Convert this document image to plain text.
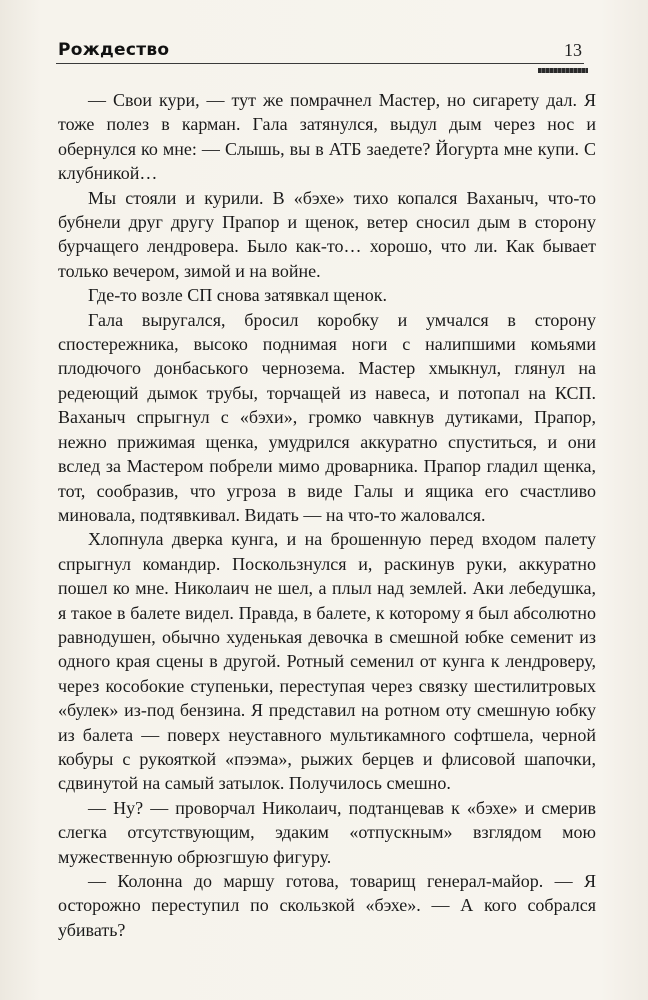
Рождество	13

— Свои кури, — тут же помрачнел Мастер, но сигарету дал. Я тоже полез в карман. Гала затянулся, выдул дым через нос и обернулся ко мне: — Слышь, вы в АТБ заедете? Йогурта мне купи. С клубникой…

Мы стояли и курили. В «бэхе» тихо копался Ваханыч, что-то бубнели друг другу Прапор и щенок, ветер сносил дым в сторону бурчащего лендровера. Было как-то… хорошо, что ли. Как бывает только вечером, зимой и на войне.

Где-то возле СП снова затявкал щенок.

Гала выругался, бросил коробку и умчался в сторону спостережника, высоко поднимая ноги с налипшими комьями плодючого донбаського чернозема. Мастер хмыкнул, глянул на редеющий дымок трубы, торчащей из навеса, и потопал на КСП. Ваханыч спрыгнул с «бэхи», громко чавкнув дутиками, Прапор, нежно прижимая щенка, умудрился аккуратно спуститься, и они вслед за Мастером побрели мимо дроварника. Прапор гладил щенка, тот, сообразив, что угроза в виде Галы и ящика его счастливо миновала, подтявкивал. Видать — на что-то жаловался.

Хлопнула дверка кунга, и на брошенную перед входом палету спрыгнул командир. Поскользнулся и, раскинув руки, аккуратно пошел ко мне. Николаич не шел, а плыл над землей. Аки лебедушка, я такое в балете видел. Правда, в балете, к которому я был абсолютно равнодушен, обычно худенькая девочка в смешной юбке семенит из одного края сцены в другой. Ротный семенил от кунга к лендроверу, через кособокие ступеньки, переступая через связку шестилитровых «булек» из-под бензина. Я представил на ротном оту смешную юбку из балета — поверх неуставного мультикамного софтшела, черной кобуры с рукояткой «пээма», рыжих берцев и флисовой шапочки, сдвинутой на самый затылок. Получилось смешно.

— Ну? — проворчал Николаич, подтанцевав к «бэхе» и смерив слегка отсутствующим, эдаким «отпускным» взглядом мою мужественную обрюзгшую фигуру.

— Колонна до маршу готова, товарищ генерал-майор. — Я осторожно переступил по скользкой «бэхе». — А кого собрался убивать?
